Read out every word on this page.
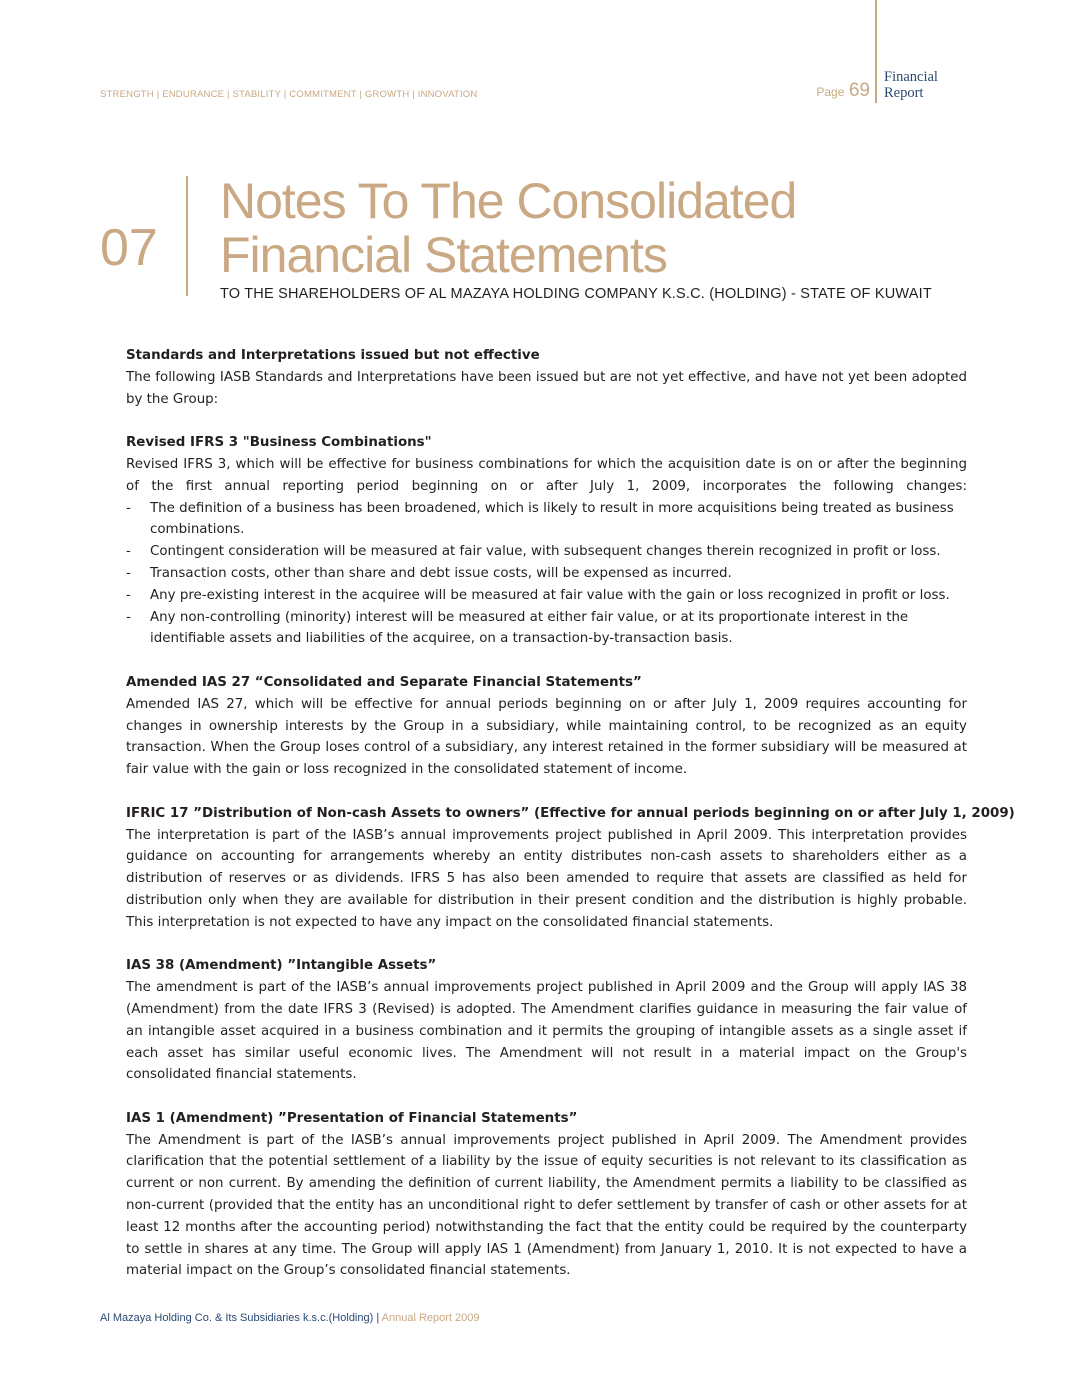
STRENGTH | ENDURANCE | STABILITY | COMMITMENT | GROWTH | INNOVATION	Page 69
Financial
Report
07
Notes To The Consolidated
Financial Statements
TO THE SHAREHOLDERS OF AL MAZAYA HOLDING COMPANY K.S.C. (HOLDING) - STATE OF KUWAIT
Standards and Interpretations issued but not effective

The following IASB Standards and Interpretations have been issued but are not yet effective, and have not yet been adopted by the Group:

Revised IFRS 3 "Business Combinations"

Revised IFRS 3, which will be effective for business combinations for which the acquisition date is on or after the beginning of the first annual reporting period beginning on or after July 1, 2009, incorporates the following changes:

- The definition of a business has been broadened, which is likely to result in more acquisitions being treated as business combinations.
- Contingent consideration will be measured at fair value, with subsequent changes therein recognized in profit or loss.
- Transaction costs, other than share and debt issue costs, will be expensed as incurred.
- Any pre-existing interest in the acquiree will be measured at fair value with the gain or loss recognized in profit or loss.
- Any non-controlling (minority) interest will be measured at either fair value, or at its proportionate interest in the identifiable assets and liabilities of the acquiree, on a transaction-by-transaction basis.
Amended IAS 27 “Consolidated and Separate Financial Statements”

Amended IAS 27, which will be effective for annual periods beginning on or after July 1, 2009 requires accounting for changes in ownership interests by the Group in a subsidiary, while maintaining control, to be recognized as an equity transaction. When the Group loses control of a subsidiary, any interest retained in the former subsidiary will be measured at fair value with the gain or loss recognized in the consolidated statement of income.

IFRIC 17 ”Distribution of Non-cash Assets to owners” (Effective for annual periods beginning on or after July 1, 2009)

The interpretation is part of the IASB’s annual improvements project published in April 2009. This interpretation provides guidance on accounting for arrangements whereby an entity distributes non-cash assets to shareholders either as a distribution of reserves or as dividends. IFRS 5 has also been amended to require that assets are classified as held for distribution only when they are available for distribution in their present condition and the distribution is highly probable. This interpretation is not expected to have any impact on the consolidated financial statements.

IAS 38 (Amendment) ”Intangible Assets”

The amendment is part of the IASB’s annual improvements project published in April 2009 and the Group will apply IAS 38 (Amendment) from the date IFRS 3 (Revised) is adopted. The Amendment clarifies guidance in measuring the fair value of an intangible asset acquired in a business combination and it permits the grouping of intangible assets as a single asset if each asset has similar useful economic lives. The Amendment will not result in a material impact on the Group's consolidated financial statements.

IAS 1 (Amendment) ”Presentation of Financial Statements”

The Amendment is part of the IASB’s annual improvements project published in April 2009. The Amendment provides clarification that the potential settlement of a liability by the issue of equity securities is not relevant to its classification as current or non current. By amending the definition of current liability, the Amendment permits a liability to be classified as non-current (provided that the entity has an unconditional right to defer settlement by transfer of cash or other assets for at least 12 months after the accounting period) notwithstanding the fact that the entity could be required by the counterparty to settle in shares at any time. The Group will apply IAS 1 (Amendment) from January 1, 2010. It is not expected to have a material impact on the Group’s consolidated financial statements.

Al Mazaya Holding Co. & Its Subsidiaries k.s.c.(Holding) | Annual Report 2009
